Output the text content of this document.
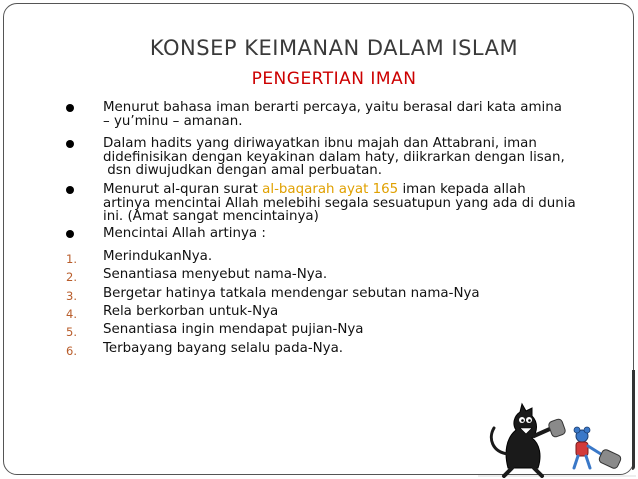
KONSEP KEIMANAN DALAM ISLAM
PENGERTIAN IMAN
Menurut bahasa iman berarti percaya, yaitu berasal dari kata amina
– yu’minu – amanan.
Dalam hadits yang diriwayatkan ibnu majah dan Attabrani, iman
didefinisikan dengan keyakinan dalam haty, diikrarkan dengan lisan,
dsn diwujudkan dengan amal perbuatan.
Menurut al-quran surat al-baqarah ayat 165 iman kepada allah
artinya mencintai Allah melebihi segala sesuatupun yang ada di dunia
ini. (Amat sangat mencintainya)
Mencintai Allah artinya :
1. MerindukanNya.
2. Senantiasa menyebut nama-Nya.
3. Bergetar hatinya tatkala mendengar sebutan nama-Nya
4. Rela berkorban untuk-Nya
5. Senantiasa ingin mendapat pujian-Nya
6. Terbayang bayang selalu pada-Nya.
